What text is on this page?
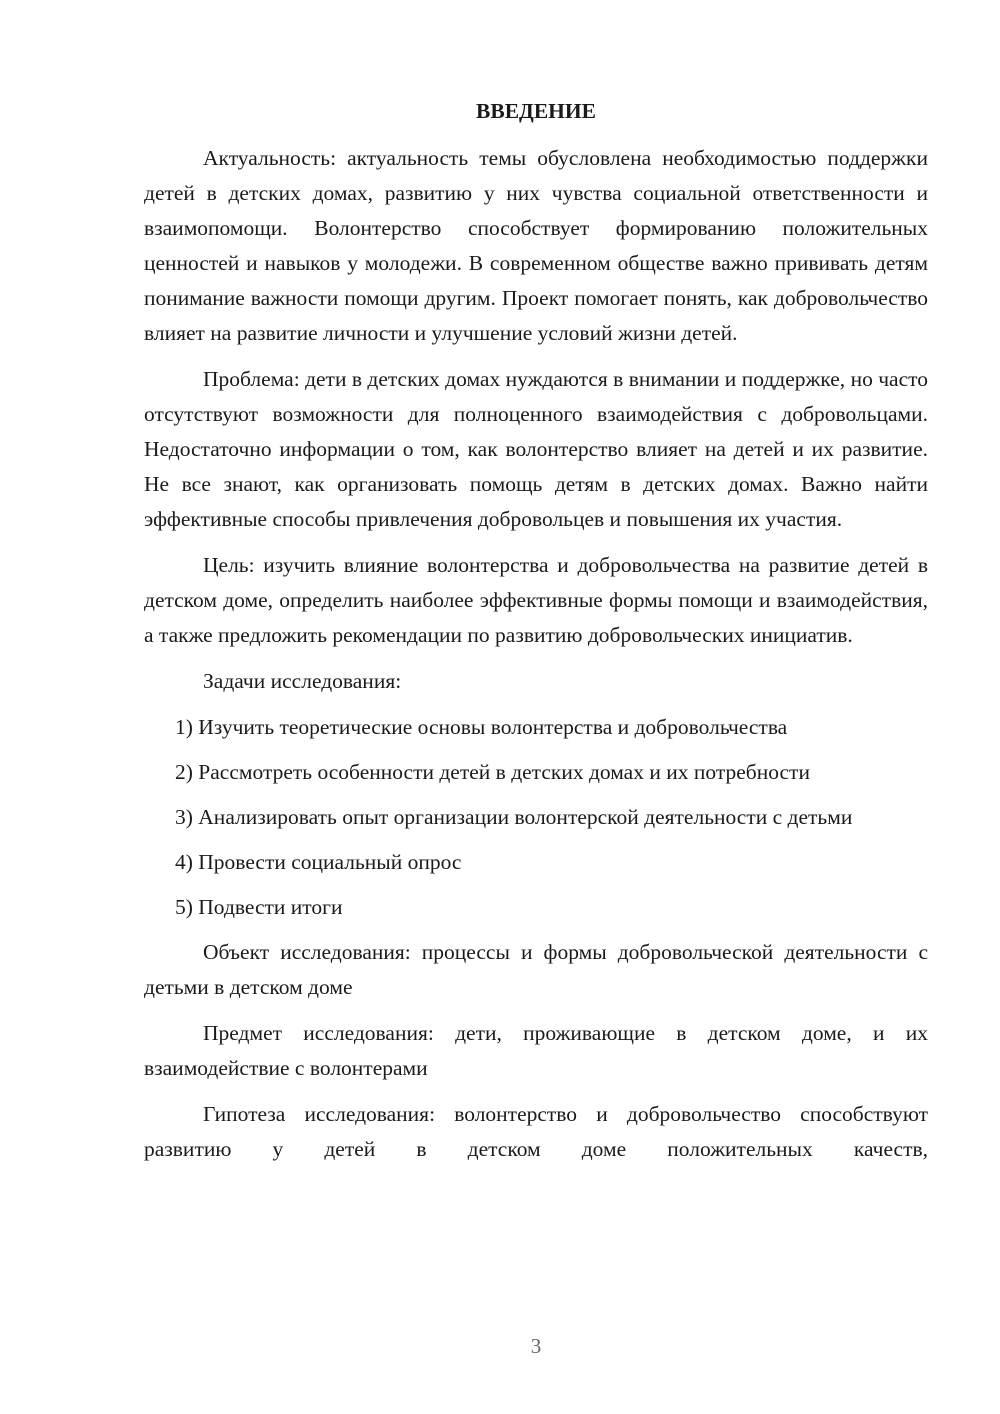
ВВЕДЕНИЕ

Актуальность: актуальность темы обусловлена необходимостью поддержки детей в детских домах, развитию у них чувства социальной ответственности и взаимопомощи. Волонтерство способствует формированию положительных ценностей и навыков у молодежи. В современном обществе важно прививать детям понимание важности помощи другим. Проект помогает понять, как добровольчество влияет на развитие личности и улучшение условий жизни детей.

Проблема: дети в детских домах нуждаются в внимании и поддержке, но часто отсутствуют возможности для полноценного взаимодействия с добровольцами. Недостаточно информации о том, как волонтерство влияет на детей и их развитие. Не все знают, как организовать помощь детям в детских домах. Важно найти эффективные способы привлечения добровольцев и повышения их участия.

Цель: изучить влияние волонтерства и добровольчества на развитие детей в детском доме, определить наиболее эффективные формы помощи и взаимодействия, а также предложить рекомендации по развитию добровольческих инициатив.

Задачи исследования:

1) Изучить теоретические основы волонтерства и добровольчества

2) Рассмотреть особенности детей в детских домах и их потребности

3) Анализировать опыт организации волонтерской деятельности с детьми

4) Провести социальный опрос

5) Подвести итоги

Объект исследования: процессы и формы добровольческой деятельности с детьми в детском доме

Предмет исследования: дети, проживающие в детском доме, и их взаимодействие с волонтерами

Гипотеза исследования: волонтерство и добровольчество способствуют развитию у детей в детском доме положительных качеств,

3
